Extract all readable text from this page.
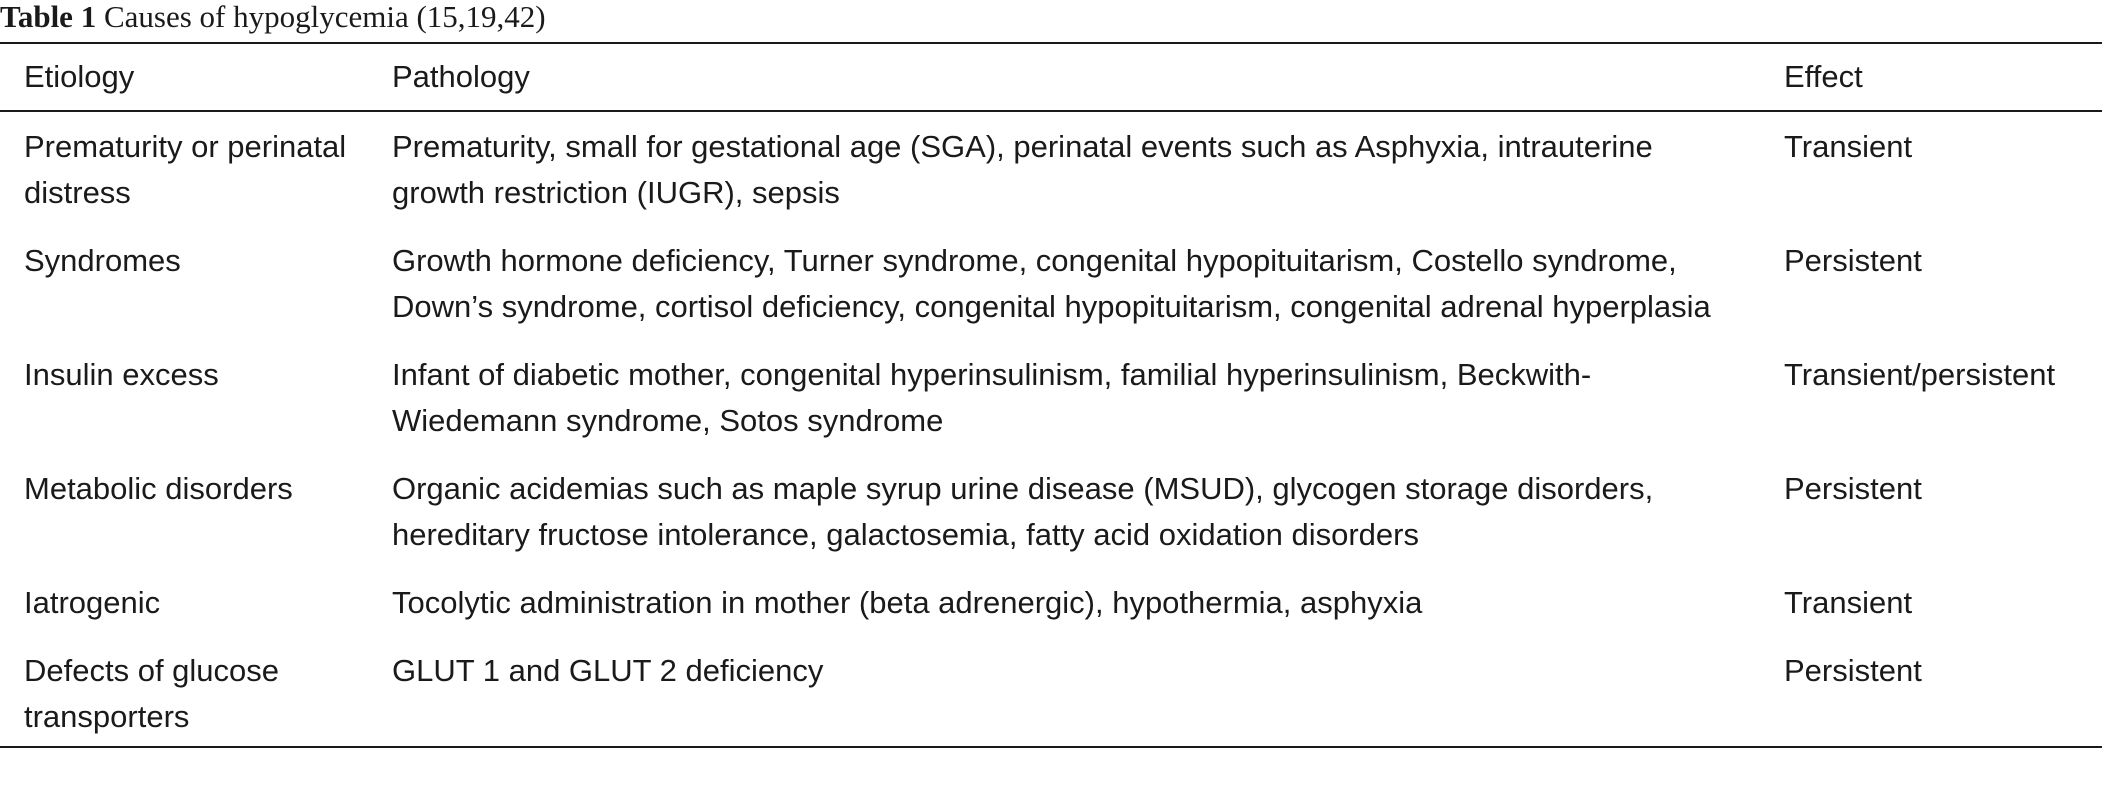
Table 1 Causes of hypoglycemia (15,19,42)
Etiology	Pathology	Effect
Prematurity or perinatal distress	Prematurity, small for gestational age (SGA), perinatal events such as Asphyxia, intrauterine growth restriction (IUGR), sepsis	Transient
Syndromes	Growth hormone deficiency, Turner syndrome, congenital hypopituitarism, Costello syndrome, Down’s syndrome, cortisol deficiency, congenital hypopituitarism, congenital adrenal hyperplasia	Persistent
Insulin excess	Infant of diabetic mother, congenital hyperinsulinism, familial hyperinsulinism, Beckwith-Wiedemann syndrome, Sotos syndrome	Transient/persistent
Metabolic disorders	Organic acidemias such as maple syrup urine disease (MSUD), glycogen storage disorders, hereditary fructose intolerance, galactosemia, fatty acid oxidation disorders	Persistent
Iatrogenic	Tocolytic administration in mother (beta adrenergic), hypothermia, asphyxia	Transient
Defects of glucose transporters	GLUT 1 and GLUT 2 deficiency	Persistent
